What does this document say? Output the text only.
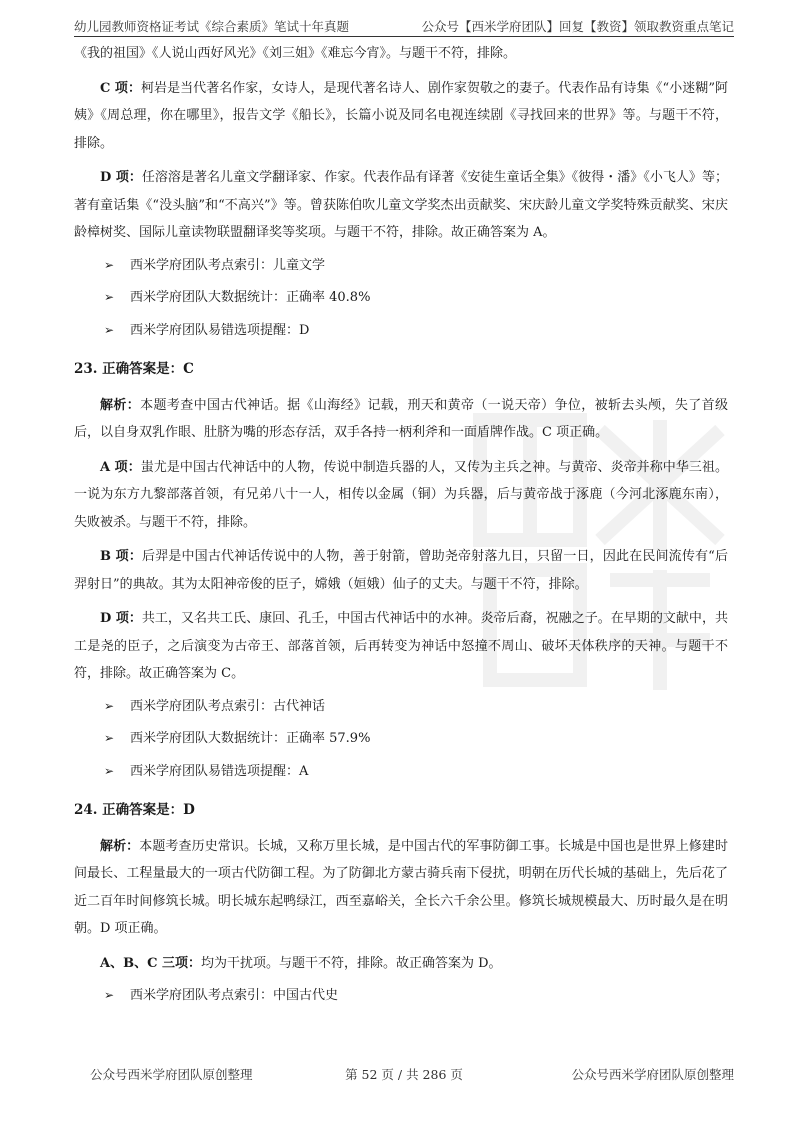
幼儿园教师资格证考试《综合素质》笔试十年真题	公众号【西米学府团队】回复【教资】领取教资重点笔记

《我的祖国》《人说山西好风光》《刘三姐》《难忘今宵》。与题干不符，排除。

C 项：柯岩是当代著名作家，女诗人，是现代著名诗人、剧作家贺敬之的妻子。代表作品有诗集《“小迷糊”阿姨》《周总理，你在哪里》，报告文学《船长》，长篇小说及同名电视连续剧《寻找回来的世界》等。与题干不符，排除。

D 项：任溶溶是著名儿童文学翻译家、作家。代表作品有译著《安徒生童话全集》《彼得・潘》《小飞人》等；著有童话集《“没头脑”和“不高兴”》等。曾获陈伯吹儿童文学奖杰出贡献奖、宋庆龄儿童文学奖特殊贡献奖、宋庆龄樟树奖、国际儿童读物联盟翻译奖等奖项。与题干不符，排除。故正确答案为 A。

➢ 西米学府团队考点索引：儿童文学
➢ 西米学府团队大数据统计：正确率 40.8%
➢ 西米学府团队易错选项提醒：D
23. 正确答案是：C

解析：本题考查中国古代神话。据《山海经》记载，刑天和黄帝（一说天帝）争位，被斩去头颅，失了首级后，以自身双乳作眼、肚脐为嘴的形态存活，双手各持一柄利斧和一面盾牌作战。C 项正确。

A 项：蚩尤是中国古代神话中的人物，传说中制造兵器的人，又传为主兵之神。与黄帝、炎帝并称中华三祖。一说为东方九黎部落首领，有兄弟八十一人，相传以金属（铜）为兵器，后与黄帝战于涿鹿（今河北涿鹿东南），失败被杀。与题干不符，排除。

B 项：后羿是中国古代神话传说中的人物，善于射箭，曾助尧帝射落九日，只留一日，因此在民间流传有“后羿射日”的典故。其为太阳神帝俊的臣子，嫦娥（姮娥）仙子的丈夫。与题干不符，排除。

D 项：共工，又名共工氏、康回、孔壬，中国古代神话中的水神。炎帝后裔，祝融之子。在早期的文献中，共工是尧的臣子，之后演变为古帝王、部落首领，后再转变为神话中怒撞不周山、破坏天体秩序的天神。与题干不符，排除。故正确答案为 C。

➢ 西米学府团队考点索引：古代神话
➢ 西米学府团队大数据统计：正确率 57.9%
➢ 西米学府团队易错选项提醒：A
24. 正确答案是：D

解析：本题考查历史常识。长城，又称万里长城，是中国古代的军事防御工事。长城是中国也是世界上修建时间最长、工程量最大的一项古代防御工程。为了防御北方蒙古骑兵南下侵扰，明朝在历代长城的基础上，先后花了近二百年时间修筑长城。明长城东起鸭绿江，西至嘉峪关，全长六千余公里。修筑长城规模最大、历时最久是在明朝。D 项正确。

A、B、C 三项：均为干扰项。与题干不符，排除。故正确答案为 D。

➢ 西米学府团队考点索引：中国古代史
公众号西米学府团队原创整理	第 52 页 / 共 286 页	公众号西米学府团队原创整理
